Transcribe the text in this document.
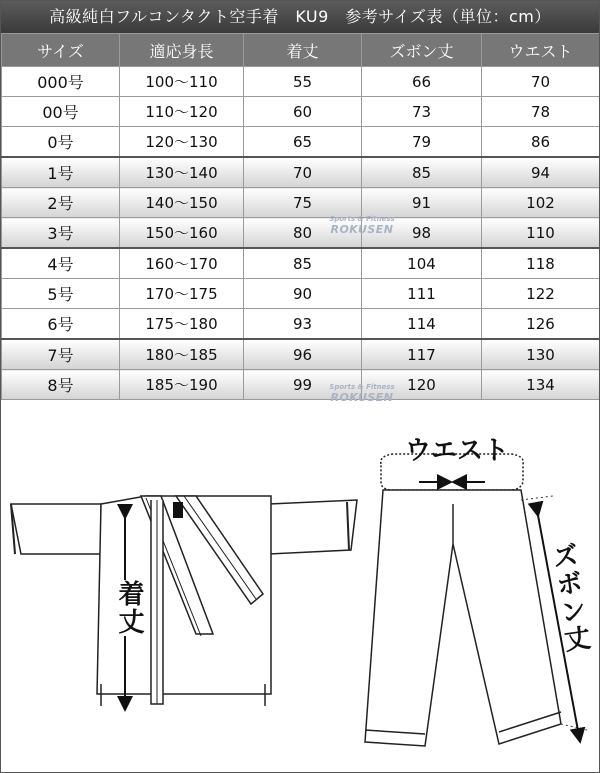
高級純白フルコンタクト空手着　KU9　参考サイズ表（単位：cm）
サイズ	適応身長	着丈	ズボン丈	ウエスト
000号	100～110	55	66	70
00号	110～120	60	73	78
0号	120～130	65	79	86
1号	130～140	70	85	94
2号	140～150	75	91	102
3号	150～160	80	98	110
4号	160～170	85	104	118
5号	170～175	90	111	122
6号	175～180	93	114	126
7号	180～185	96	117	130
8号	185～190	99	120	134
Sports & Fitness
ROKUSEN
Sports & Fitness
ROKUSEN
着丈
ウエスト
ズボン丈
